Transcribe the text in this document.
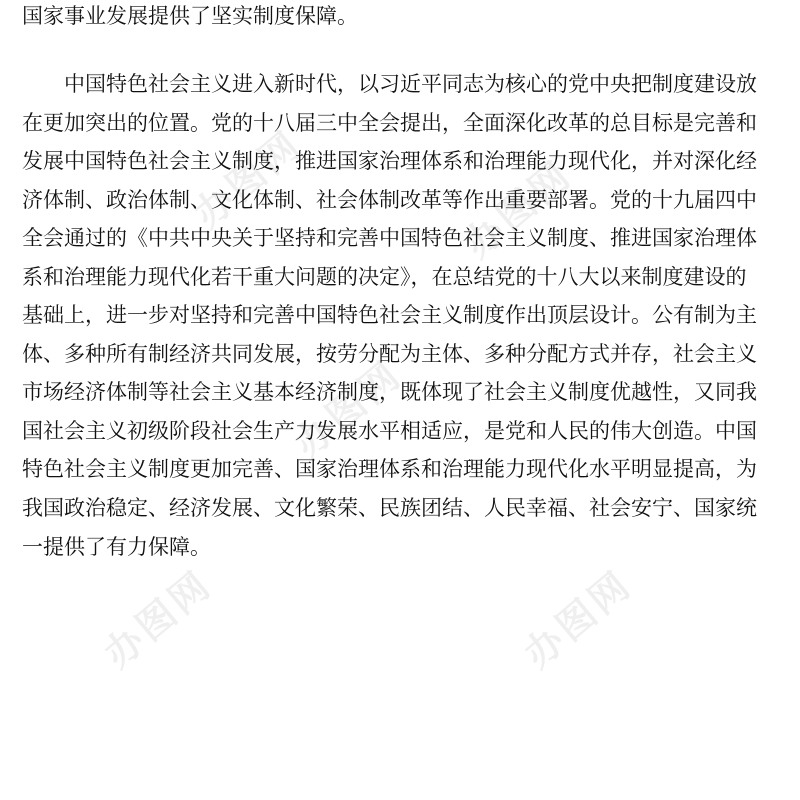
办图网	办图网
办图网
办图网
办图网

国家事业发展提供了坚实制度保障。

中国特色社会主义进入新时代，以习近平同志为核心的党中央把制度建设放
在更加突出的位置。党的十八届三中全会提出，全面深化改革的总目标是完善和
发展中国特色社会主义制度，推进国家治理体系和治理能力现代化，并对深化经
济体制、政治体制、文化体制、社会体制改革等作出重要部署。党的十九届四中
全会通过的《中共中央关于坚持和完善中国特色社会主义制度、推进国家治理体
系和治理能力现代化若干重大问题的决定》，在总结党的十八大以来制度建设的
基础上，进一步对坚持和完善中国特色社会主义制度作出顶层设计。公有制为主
体、多种所有制经济共同发展，按劳分配为主体、多种分配方式并存，社会主义
市场经济体制等社会主义基本经济制度，既体现了社会主义制度优越性，又同我
国社会主义初级阶段社会生产力发展水平相适应，是党和人民的伟大创造。中国
特色社会主义制度更加完善、国家治理体系和治理能力现代化水平明显提高，为
我国政治稳定、经济发展、文化繁荣、民族团结、人民幸福、社会安宁、国家统
一提供了有力保障。
